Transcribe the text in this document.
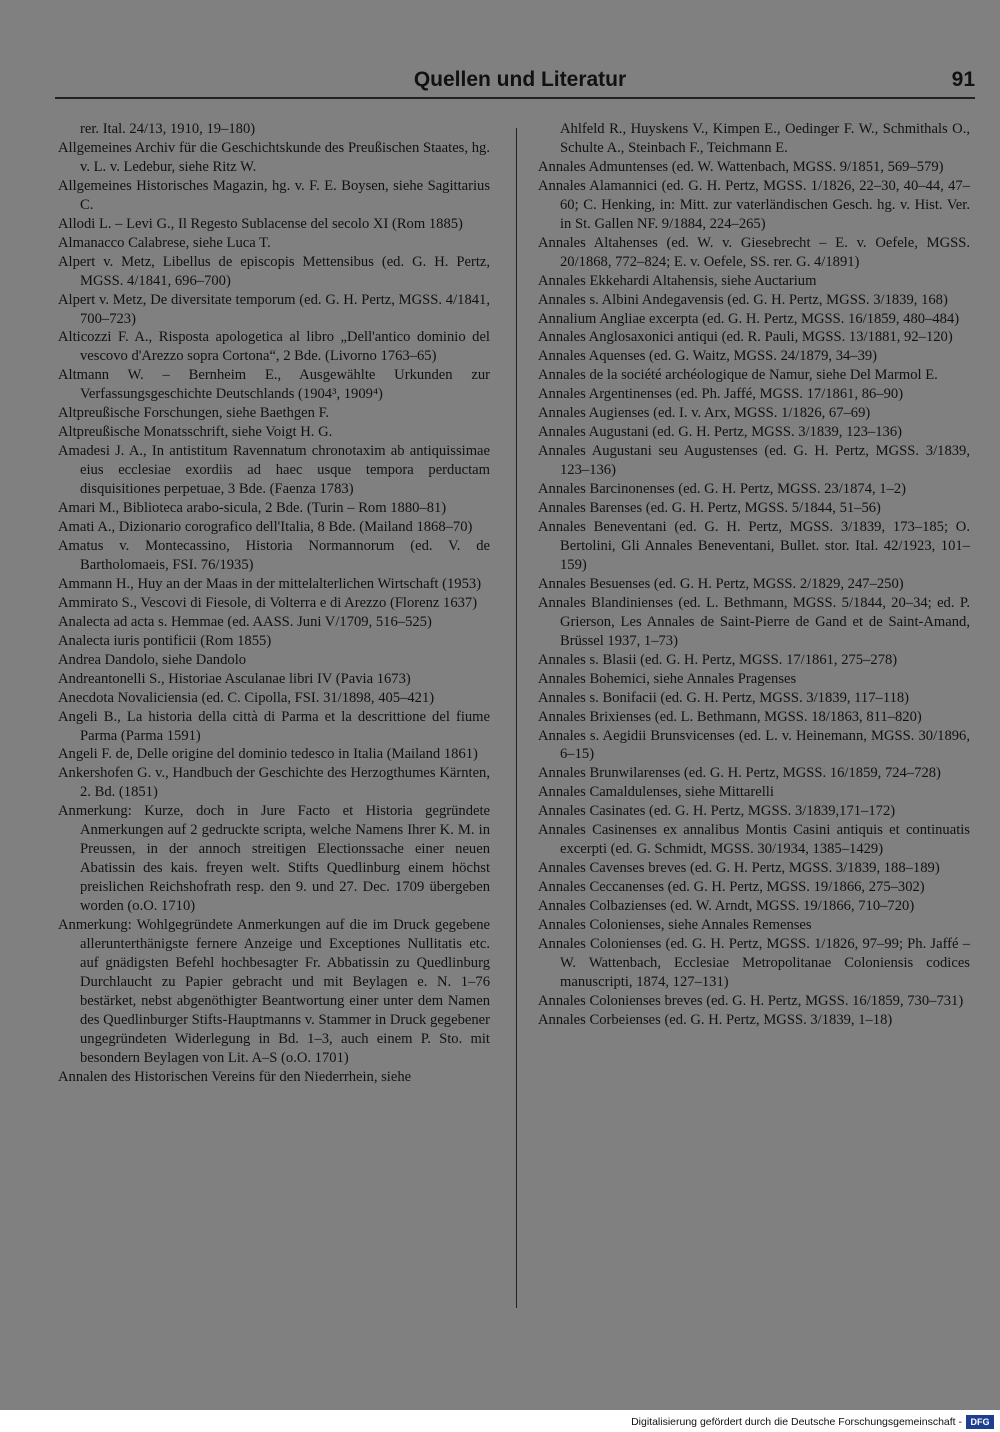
Quellen und Literatur	91

rer. Ital. 24/13, 1910, 19–180)

Allgemeines Archiv für die Geschichtskunde des Preußischen Staates, hg. v. L. v. Ledebur, siehe Ritz W.

Allgemeines Historisches Magazin, hg. v. F. E. Boysen, siehe Sagittarius C.

Allodi L. – Levi G., Il Regesto Sublacense del secolo XI (Rom 1885)

Almanacco Calabrese, siehe Luca T.

Alpert v. Metz, Libellus de episcopis Mettensibus (ed. G. H. Pertz, MGSS. 4/1841, 696–700)

Alpert v. Metz, De diversitate temporum (ed. G. H. Pertz, MGSS. 4/1841, 700–723)

Alticozzi F. A., Risposta apologetica al libro „Dell'antico dominio del vescovo d'Arezzo sopra Cortona“, 2 Bde. (Livorno 1763–65)

Altmann W. – Bernheim E., Ausgewählte Urkunden zur Verfassungsgeschichte Deutschlands (1904³, 1909⁴)

Altpreußische Forschungen, siehe Baethgen F.

Altpreußische Monatsschrift, siehe Voigt H. G.

Amadesi J. A., In antistitum Ravennatum chronotaxim ab antiquissimae eius ecclesiae exordiis ad haec usque tempora perductam disquisitiones perpetuae, 3 Bde. (Faenza 1783)

Amari M., Biblioteca arabo-sicula, 2 Bde. (Turin – Rom 1880–81)

Amati A., Dizionario corografico dell'Italia, 8 Bde. (Mailand 1868–70)

Amatus v. Montecassino, Historia Normannorum (ed. V. de Bartholomaeis, FSI. 76/1935)

Ammann H., Huy an der Maas in der mittelalterlichen Wirtschaft (1953)

Ammirato S., Vescovi di Fiesole, di Volterra e di Arezzo (Florenz 1637)

Analecta ad acta s. Hemmae (ed. AASS. Juni V/1709, 516–525)

Analecta iuris pontificii (Rom 1855)

Andrea Dandolo, siehe Dandolo

Andreantonelli S., Historiae Asculanae libri IV (Pavia 1673)

Anecdota Novaliciensia (ed. C. Cipolla, FSI. 31/1898, 405–421)

Angeli B., La historia della città di Parma et la descrittione del fiume Parma (Parma 1591)

Angeli F. de, Delle origine del dominio tedesco in Italia (Mailand 1861)

Ankershofen G. v., Handbuch der Geschichte des Herzogthumes Kärnten, 2. Bd. (1851)

Anmerkung: Kurze, doch in Jure Facto et Historia gegründete Anmerkungen auf 2 gedruckte scripta, welche Namens Ihrer K. M. in Preussen, in der annoch streitigen Electionssache einer neuen Abatissin des kais. freyen welt. Stifts Quedlinburg einem höchst preislichen Reichshofrath resp. den 9. und 27. Dec. 1709 übergeben worden (o.O. 1710)

Anmerkung: Wohlgegründete Anmerkungen auf die im Druck gegebene allerunterthänigste fernere Anzeige und Exceptiones Nullitatis etc. auf gnädigsten Befehl hochbesagter Fr. Abbatissin zu Quedlinburg Durchlaucht zu Papier gebracht und mit Beylagen e. N. 1–76 bestärket, nebst abgenöthigter Beantwortung einer unter dem Namen des Quedlinburger Stifts-Hauptmanns v. Stammer in Druck gegebener ungegründeten Widerlegung in Bd. 1–3, auch einem P. Sto. mit besondern Beylagen von Lit. A–S (o.O. 1701)

Annalen des Historischen Vereins für den Niederrhein, siehe

Ahlfeld R., Huyskens V., Kimpen E., Oedinger F. W., Schmithals O., Schulte A., Steinbach F., Teichmann E.

Annales Admuntenses (ed. W. Wattenbach, MGSS. 9/1851, 569–579)

Annales Alamannici (ed. G. H. Pertz, MGSS. 1/1826, 22–30, 40–44, 47–60; C. Henking, in: Mitt. zur vaterländischen Gesch. hg. v. Hist. Ver. in St. Gallen NF. 9/1884, 224–265)

Annales Altahenses (ed. W. v. Giesebrecht – E. v. Oefele, MGSS. 20/1868, 772–824; E. v. Oefele, SS. rer. G. 4/1891)

Annales Ekkehardi Altahensis, siehe Auctarium

Annales s. Albini Andegavensis (ed. G. H. Pertz, MGSS. 3/1839, 168)

Annalium Angliae excerpta (ed. G. H. Pertz, MGSS. 16/1859, 480–484)

Annales Anglosaxonici antiqui (ed. R. Pauli, MGSS. 13/1881, 92–120)

Annales Aquenses (ed. G. Waitz, MGSS. 24/1879, 34–39)

Annales de la société archéologique de Namur, siehe Del Marmol E.

Annales Argentinenses (ed. Ph. Jaffé, MGSS. 17/1861, 86–90)

Annales Augienses (ed. I. v. Arx, MGSS. 1/1826, 67–69)

Annales Augustani (ed. G. H. Pertz, MGSS. 3/1839, 123–136)

Annales Augustani seu Augustenses (ed. G. H. Pertz, MGSS. 3/1839, 123–136)

Annales Barcinonenses (ed. G. H. Pertz, MGSS. 23/1874, 1–2)

Annales Barenses (ed. G. H. Pertz, MGSS. 5/1844, 51–56)

Annales Beneventani (ed. G. H. Pertz, MGSS. 3/1839, 173–185; O. Bertolini, Gli Annales Beneventani, Bullet. stor. Ital. 42/1923, 101–159)

Annales Besuenses (ed. G. H. Pertz, MGSS. 2/1829, 247–250)

Annales Blandinienses (ed. L. Bethmann, MGSS. 5/1844, 20–34; ed. P. Grierson, Les Annales de Saint-Pierre de Gand et de Saint-Amand, Brüssel 1937, 1–73)

Annales s. Blasii (ed. G. H. Pertz, MGSS. 17/1861, 275–278)

Annales Bohemici, siehe Annales Pragenses

Annales s. Bonifacii (ed. G. H. Pertz, MGSS. 3/1839, 117–118)

Annales Brixienses (ed. L. Bethmann, MGSS. 18/1863, 811–820)

Annales s. Aegidii Brunsvicenses (ed. L. v. Heinemann, MGSS. 30/1896, 6–15)

Annales Brunwilarenses (ed. G. H. Pertz, MGSS. 16/1859, 724–728)

Annales Camaldulenses, siehe Mittarelli

Annales Casinates (ed. G. H. Pertz, MGSS. 3/1839,171–172)

Annales Casinenses ex annalibus Montis Casini antiquis et continuatis excerpti (ed. G. Schmidt, MGSS. 30/1934, 1385–1429)

Annales Cavenses breves (ed. G. H. Pertz, MGSS. 3/1839, 188–189)

Annales Ceccanenses (ed. G. H. Pertz, MGSS. 19/1866, 275–302)

Annales Colbazienses (ed. W. Arndt, MGSS. 19/1866, 710–720)

Annales Colonienses, siehe Annales Remenses

Annales Colonienses (ed. G. H. Pertz, MGSS. 1/1826, 97–99; Ph. Jaffé – W. Wattenbach, Ecclesiae Metropolitanae Coloniensis codices manuscripti, 1874, 127–131)

Annales Colonienses breves (ed. G. H. Pertz, MGSS. 16/1859, 730–731)

Annales Corbeienses (ed. G. H. Pertz, MGSS. 3/1839, 1–18)

Digitalisierung gefördert durch die Deutsche Forschungsgemeinschaft - DFG
